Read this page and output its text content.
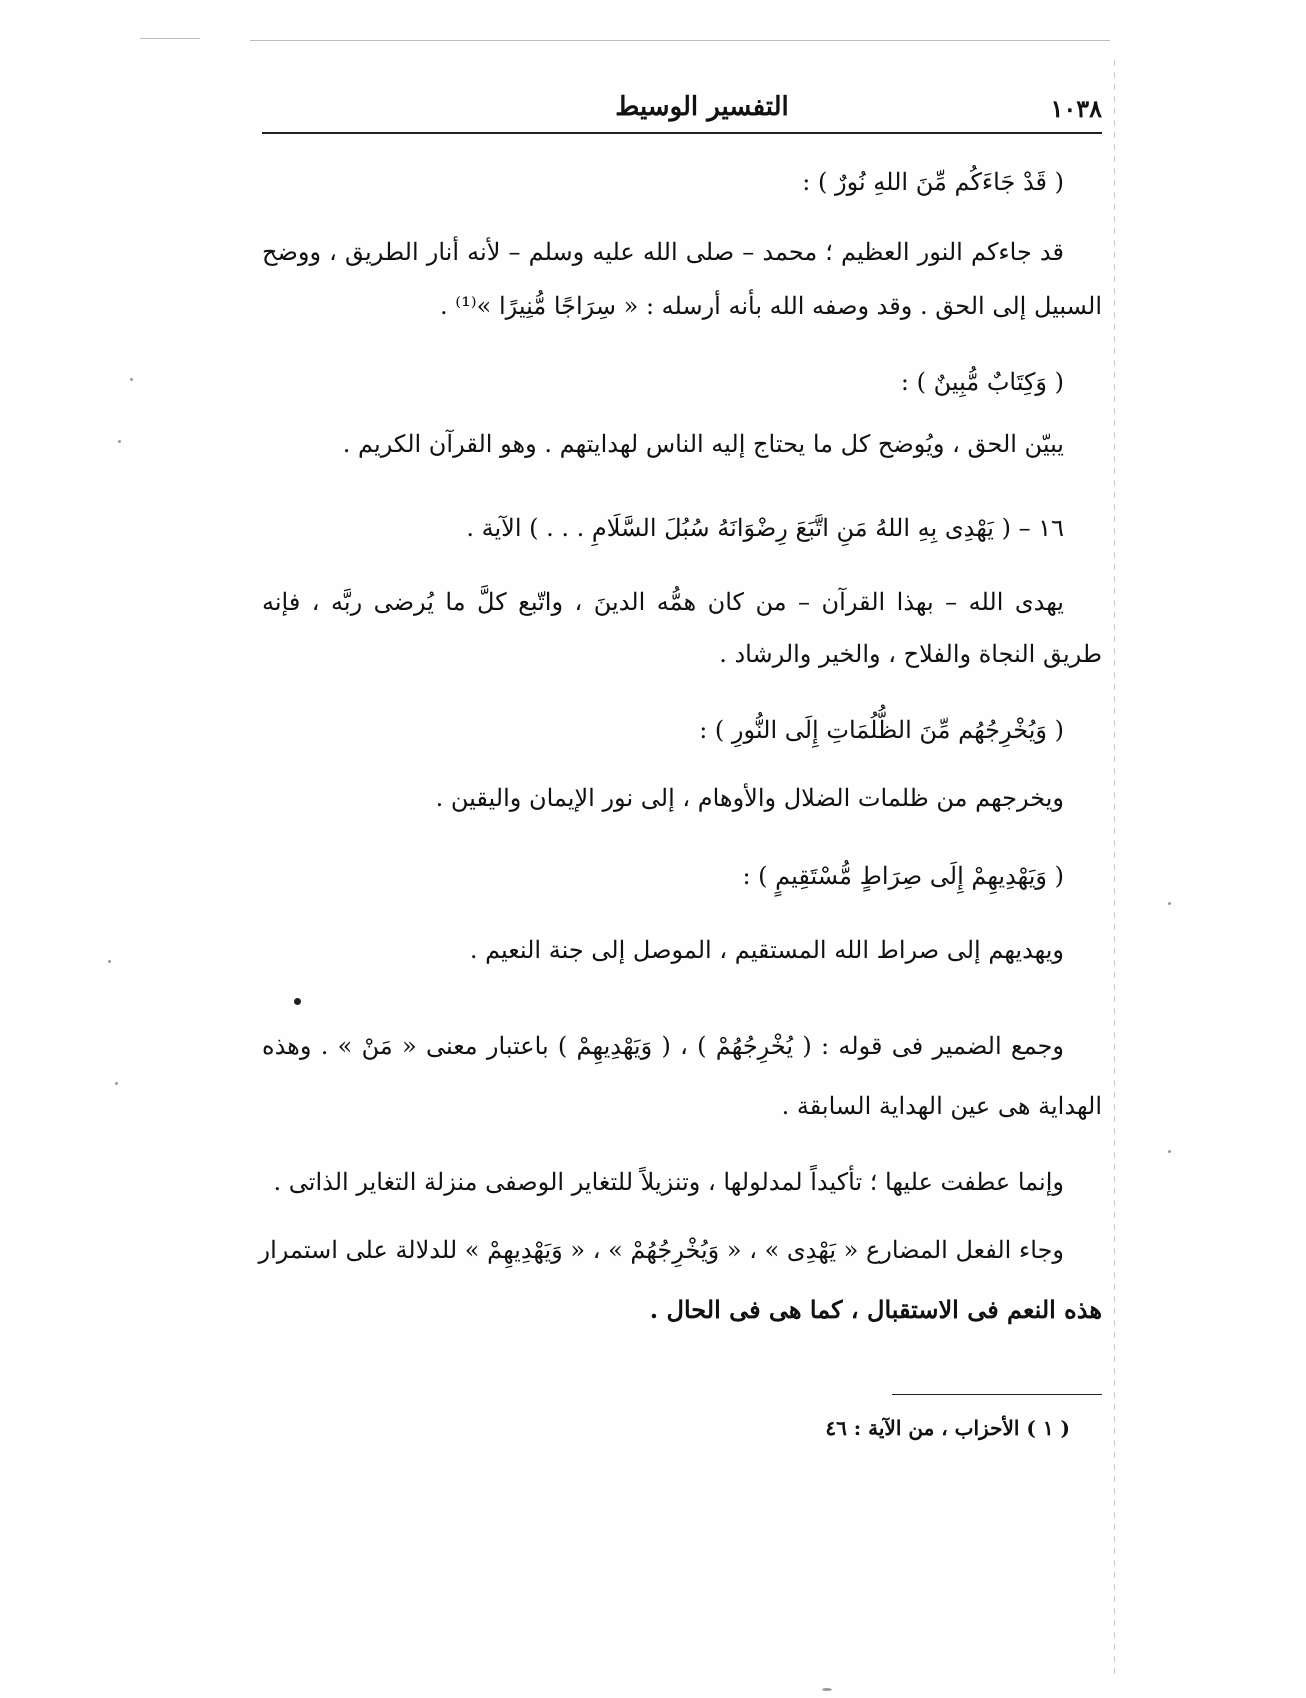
التفسير الوسيط	١٠٣٨
( قَدْ جَاءَكُم مِّنَ اللهِ نُورٌ ) :
قد جاءكم النور العظيم ؛ محمد – صلى الله عليه وسلم – لأنه أنار الطريق ، ووضح
السبيل إلى الحق . وقد وصفه الله بأنه أرسله : « سِرَاجًا مُّنِيرًا »⁽¹⁾ .
( وَكِتَابٌ مُّبِينٌ ) :
يبيّن الحق ، ويُوضح كل ما يحتاج إليه الناس لهدايتهم . وهو القرآن الكريم .
١٦ – ( يَهْدِى بِهِ اللهُ مَنِ اتَّبَعَ رِضْوَانَهُ سُبُلَ السَّلَامِ . . . ) الآية .
يهدى الله – بهذا القرآن – من كان همُّه الدينَ ، واتّبع كلَّ ما يُرضى ربَّه ، فإنه
طريق النجاة والفلاح ، والخير والرشاد .
( وَيُخْرِجُهُم مِّنَ الظُّلُمَاتِ إِلَى النُّورِ ) :
ويخرجهم من ظلمات الضلال والأوهام ، إلى نور الإيمان واليقين .
( وَيَهْدِيهِمْ إِلَى صِرَاطٍ مُّسْتَقِيمٍ ) :
ويهديهم إلى صراط الله المستقيم ، الموصل إلى جنة النعيم .
وجمع الضمير فى قوله : ( يُخْرِجُهُمْ ) ، ( وَيَهْدِيهِمْ ) باعتبار معنى « مَنْ » . وهذه
الهداية هى عين الهداية السابقة .
وإنما عطفت عليها ؛ تأكيداً لمدلولها ، وتنزيلاً للتغاير الوصفى منزلة التغاير الذاتى .
وجاء الفعل المضارع « يَهْدِى » ، « وَيُخْرِجُهُمْ » ، « وَيَهْدِيهِمْ » للدلالة على استمرار
هذه النعم فى الاستقبال ، كما هى فى الحال .
( ١ ) الأحزاب ، من الآية : ٤٦
